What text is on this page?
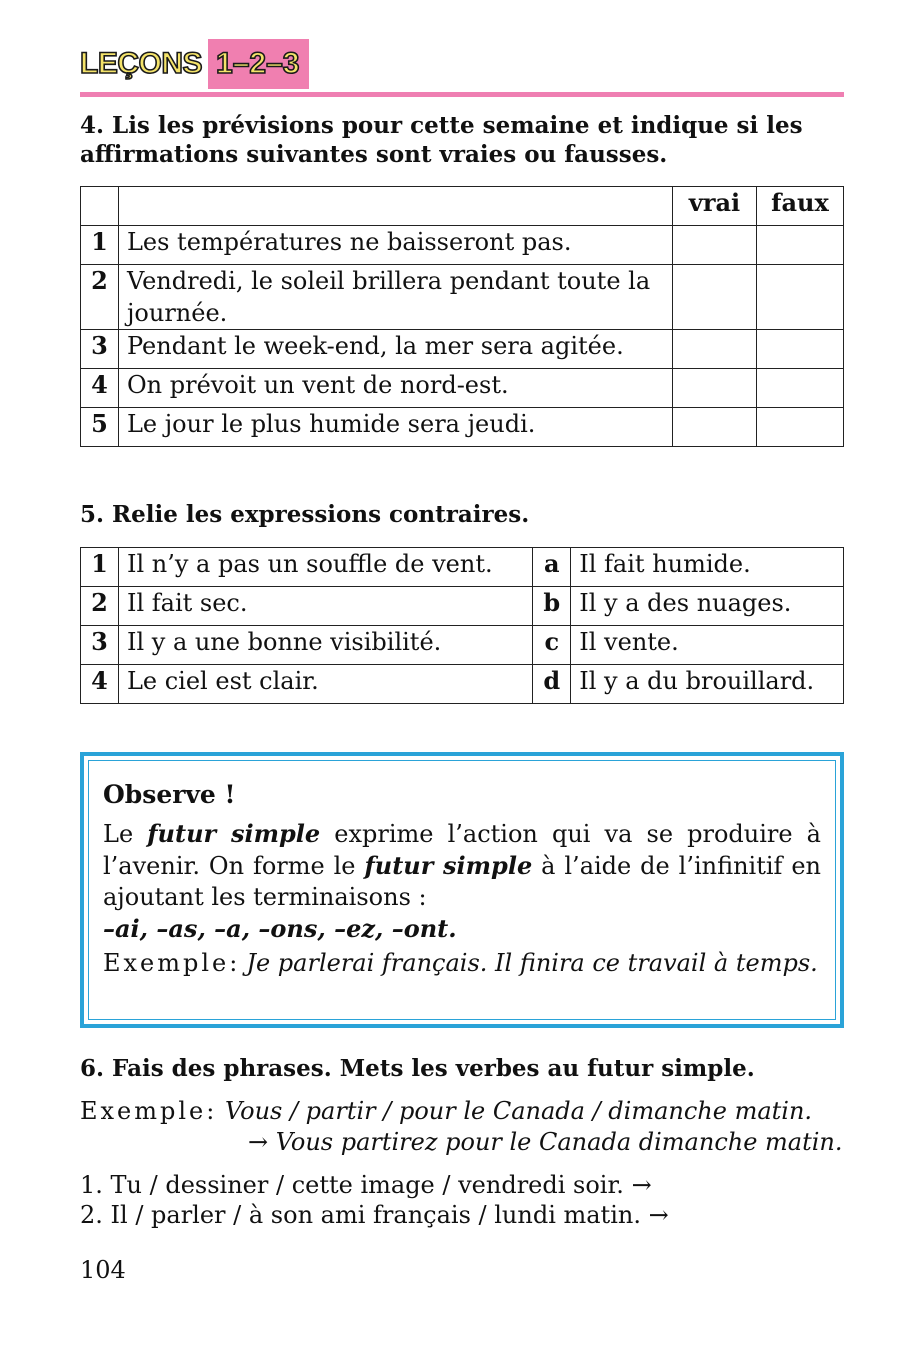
LEÇONS 1–2–3

4. Lis les prévisions pour cette semaine et indique si les
affirmations suivantes sont vraies ou fausses.

		vrai	faux
1	Les températures ne baisseront pas.		
2	Vendredi, le soleil brillera pendant toute la journée.		
3	Pendant le week-end, la mer sera agitée.		
4	On prévoit un vent de nord-est.		
5	Le jour le plus humide sera jeudi.		

5. Relie les expressions contraires.

1	Il n’y a pas un souffle de vent.	a	Il fait humide.
2	Il fait sec.	b	Il y a des nuages.
3	Il y a une bonne visibilité.	c	Il vente.
4	Le ciel est clair.	d	Il y a du brouillard.

Observe !

Le futur simple exprime l’action qui va se produire à l’avenir. On forme le futur simple à l’aide de l’infinitif en ajoutant les terminaisons :

–ai, –as, –a, –ons, –ez, –ont.

Exemple: Je parlerai français. Il finira ce travail à temps.

6. Fais des phrases. Mets les verbes au futur simple.

Exemple: Vous / partir / pour le Canada / dimanche matin.
→ Vous partirez pour le Canada dimanche matin.
1. Tu / dessiner / cette image / vendredi soir. →
2. Il / parler / à son ami français / lundi matin. →
104
